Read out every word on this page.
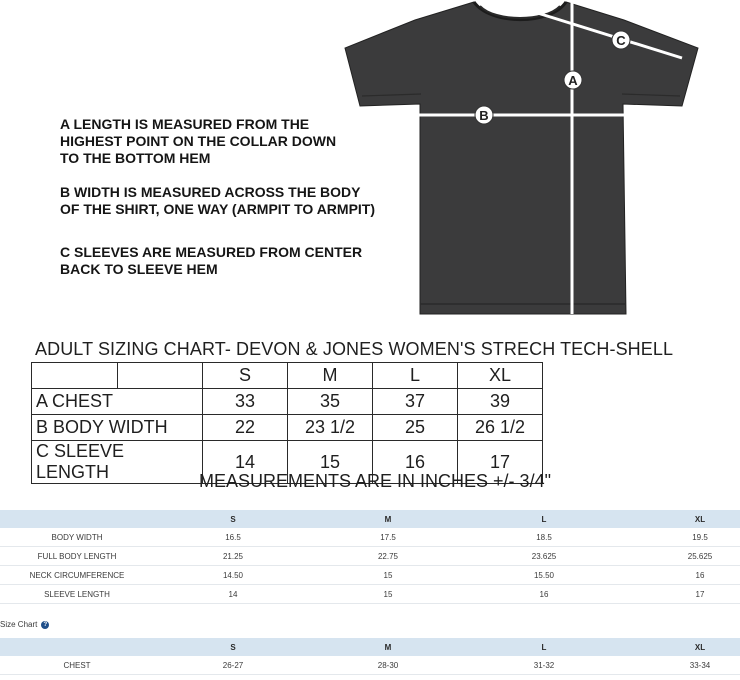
A
B
C

A LENGTH IS MEASURED FROM THE
HIGHEST POINT ON THE COLLAR DOWN
TO THE BOTTOM HEM

B WIDTH IS MEASURED ACROSS THE BODY
OF THE SHIRT, ONE WAY (ARMPIT TO ARMPIT)

C SLEEVES ARE MEASURED FROM CENTER
BACK TO SLEEVE HEM

ADULT SIZING CHART- DEVON & JONES WOMEN'S STRECH TECH-SHELL
		S	M	L	XL
A CHEST		33	35	37	39
B BODY WIDTH		22	23 1/2	25	26 1/2
C SLEEVE LENGTH		14	15	16	17
MEASUREMENTS ARE IN INCHES +/- 3/4"
S	M	L	XL
BODY WIDTH	16.5	17.5	18.5	19.5
FULL BODY LENGTH	21.25	22.75	23.625	25.625
NECK CIRCUMFERENCE	14.50	15	15.50	16
SLEEVE LENGTH	14	15	16	17
Size Chart	?
S	M	L	XL
CHEST	26-27	28-30	31-32	33-34
